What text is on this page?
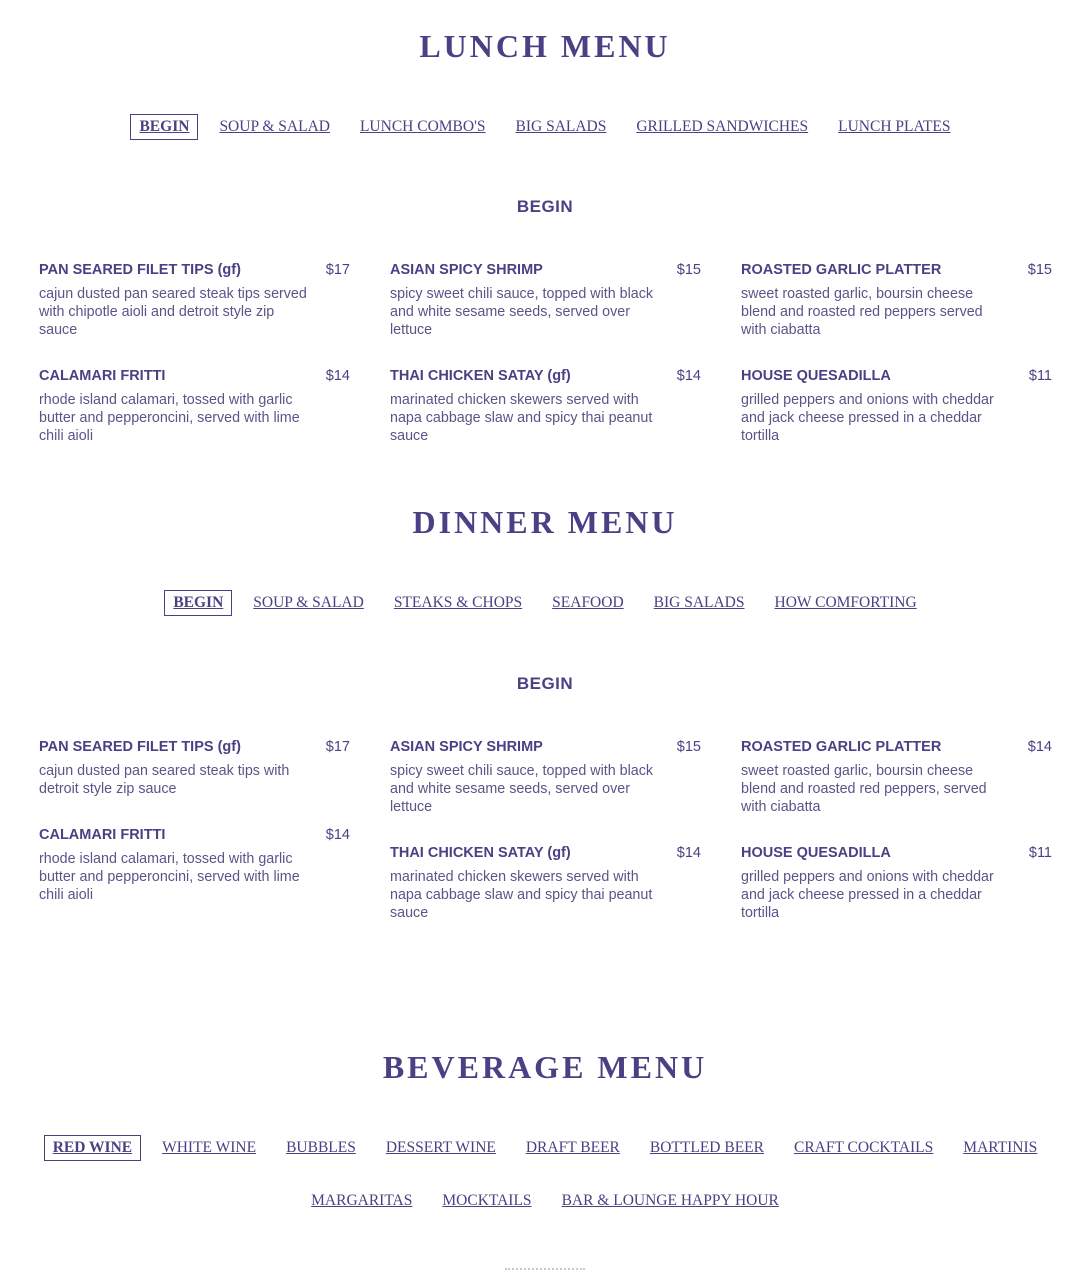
LUNCH MENU
BEGIN	SOUP & SALAD	LUNCH COMBO'S	BIG SALADS	GRILLED SANDWICHES	LUNCH PLATES
BEGIN
PAN SEARED FILET TIPS (gf)	$17
cajun dusted pan seared steak tips served with chipotle aioli and detroit style zip sauce
ASIAN SPICY SHRIMP	$15
spicy sweet chili sauce, topped with black and white sesame seeds, served over lettuce
ROASTED GARLIC PLATTER	$15
sweet roasted garlic, boursin cheese blend and roasted red peppers served with ciabatta
CALAMARI FRITTI	$14
rhode island calamari, tossed with garlic butter and pepperoncini, served with lime chili aioli
THAI CHICKEN SATAY (gf)	$14
marinated chicken skewers served with napa cabbage slaw and spicy thai peanut sauce
HOUSE QUESADILLA	$11
grilled peppers and onions with cheddar and jack cheese pressed in a cheddar tortilla
DINNER MENU
BEGIN	SOUP & SALAD	STEAKS & CHOPS	SEAFOOD	BIG SALADS	HOW COMFORTING
BEGIN
PAN SEARED FILET TIPS (gf)	$17
cajun dusted pan seared steak tips with detroit style zip sauce
ASIAN SPICY SHRIMP	$15
spicy sweet chili sauce, topped with black and white sesame seeds, served over lettuce
ROASTED GARLIC PLATTER	$14
sweet roasted garlic, boursin cheese blend and roasted red peppers, served with ciabatta
CALAMARI FRITTI	$14
rhode island calamari, tossed with garlic butter and pepperoncini, served with lime chili aioli
THAI CHICKEN SATAY (gf)	$14
marinated chicken skewers served with napa cabbage slaw and spicy thai peanut sauce
HOUSE QUESADILLA	$11
grilled peppers and onions with cheddar and jack cheese pressed in a cheddar tortilla
BEVERAGE MENU
RED WINE	WHITE WINE	BUBBLES	DESSERT WINE	DRAFT BEER	BOTTLED BEER	CRAFT COCKTAILS	MARTINIS
MARGARITAS	MOCKTAILS	BAR & LOUNGE HAPPY HOUR
